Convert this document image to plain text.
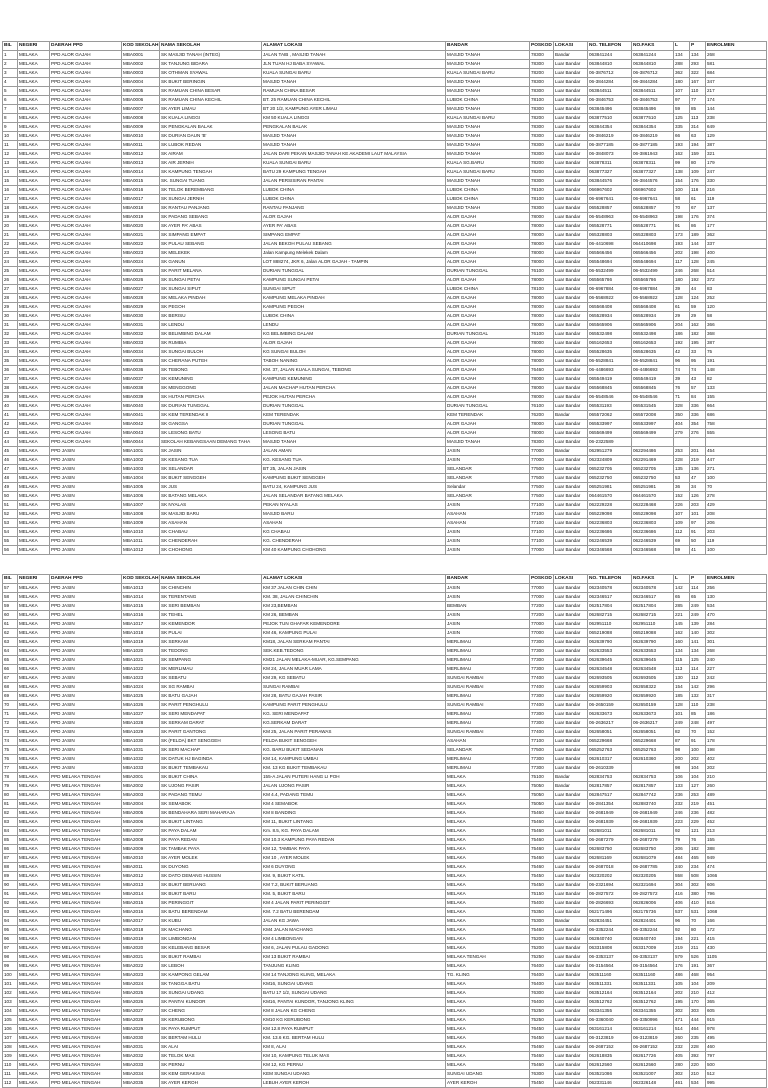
BIL	NEGERI	DAERAH PPD	KOD SEKOLAH	NAMA SEKOLAH	ALAMAT LOKASI	BANDAR	POSKOD	LOKASI	NO. TELEFON	NO.FAKS	L	P	ENROLMEN
1	MELAKA	PPD ALOR GAJAH	MBA0001	SK MASJID TANAH (INTEG)	JALAN TAIB , MASJID TANAH	MASJID TANAH	78300	Bandar	063841244	063841244	134	134	268
2	MELAKA	PPD ALOR GAJAH	MBA0002	SK TANJUNG BIDARA	JLN TUAN HJ BABA SYAWAL	MASJID TANAH	78300	Luar Bandar	063844810	063844810	288	293	581
3	MELAKA	PPD ALOR GAJAH	MBA0003	SK OTHMAN SYAWAL	KUALA SUNGAI BARU	KUALA SUNGAI BARU	78200	Luar Bandar	06-3876712	06-3876712	362	322	684
4	MELAKA	PPD ALOR GAJAH	MBA0004	SK BUKIT BERINGIN	MASJID TANAH	MASJID TANAH	78300	Luar Bandar	06-3844284	06-3844284	180	167	347
5	MELAKA	PPD ALOR GAJAH	MBA0005	SK RAMUAN CHINA BESAR	RAMUAN CHINA BESAR	MASJID TANAH	78300	Luar Bandar	063844511	063844511	107	110	217
6	MELAKA	PPD ALOR GAJAH	MBA0006	SK RAMUAN CHINA KECHIL	BT. 25 RAMUAN CHINA KECHIL	LUBOK CHINA	78100	Luar Bandar	06-3846753	06-3846753	97	77	174
7	MELAKA	PPD ALOR GAJAH	MBA0007	SK AYER LIMAU	BT 20 1/2, KAMPUNG AYER LIMAU	MASJID TANAH	78300	Luar Bandar	063845496	063845496	59	85	144
8	MELAKA	PPD ALOR GAJAH	MBA0008	SK KUALA LINGGI	KM 50 KUALA LINGGI	KUALA SUNGAI BARU	78200	Luar Bandar	063877510	063877510	125	113	238
9	MELAKA	PPD ALOR GAJAH	MBA0009	SK PENGKALAN BALAK	PENGKALAN BALAK	MASJID TANAH	78300	Luar Bandar	063844354	063844354	335	314	649
10	MELAKA	PPD ALOR GAJAH	MBA0010	SK DURIAN DAUN 'B'	MASJID TANAH	MASJID TANAH	78300	Luar Bandar	06-3846219	06-3846219	66	63	129
11	MELAKA	PPD ALOR GAJAH	MBA0011	SK LUBOK REDAN	MASJID TANAH	MASJID TANAH	78300	Luar Bandar	06-3877185	06-3877185	193	194	387
12	MELAKA	PPD ALOR GAJAH	MBA0012	SK AIRAM	JALAN DARI PEKAN MASJID TANAH KE AKADEMI LAUT MALAYSIA	MASJID TANAH	78300	Luar Bandar	06-3848073	06-3861943	162	159	321
13	MELAKA	PPD ALOR GAJAH	MBA0013	SK AIR JERNIH	KUALA SUNGAI BARU	KUALA SG.BARU	78200	Luar Bandar	063878311	063878311	99	80	179
14	MELAKA	PPD ALOR GAJAH	MBA0014	SK KAMPUNG TENGAH	BATU 29 KAMPUNG TENGAH	KUALA SUNGAI BARU	78200	Luar Bandar	063877327	063877327	138	109	247
15	MELAKA	PPD ALOR GAJAH	MBA0015	SK. SUNGAI TUANG	JALAN PERSISIRAN PANTAI	MASJID TANAH	78300	Luar Bandar	063844576	06-3844576	154	176	330
16	MELAKA	PPD ALOR GAJAH	MBA0016	SK TELOK BEREMBANG	LUBOK CHINA	LUBOK CHINA	78100	Luar Bandar	066967602	066967602	100	116	216
17	MELAKA	PPD ALOR GAJAH	MBA0017	SK SUNGAI JERNIH	LUBOK CHINA	LUBOK CHINA	78100	Luar Bandar	06-6967641	06-6967641	58	61	119
18	MELAKA	PPD ALOR GAJAH	MBA0018	SK RANTAU PANJANG	RANTAU PANJANG	MASJID TANAH	78300	Luar Bandar	065528857	065528857	70	67	137
19	MELAKA	PPD ALOR GAJAH	MBA0019	SK PADANG SEBANG	ALOR GAJAH	ALOR GAJAH	78000	Luar Bandar	06-5548963	06-5548963	198	176	374
20	MELAKA	PPD ALOR GAJAH	MBA0020	SK AYER PA' ABAS	AYER PA' ABAS	ALOR GAJAH	78000	Luar Bandar	065528771	065528771	91	86	177
21	MELAKA	PPD ALOR GAJAH	MBA0021	SK SIMPANG EMPAT	SIMPANG EMPAT	ALOR GAJAH	78000	Luar Bandar	065328803	065328803	173	189	362
22	MELAKA	PPD ALOR GAJAH	MBA0022	SK PULAU SEBANG	JALAN BEKOH PULAU SEBANG	ALOR GAJAH	78000	Luar Bandar	06-4410698	064410698	193	144	337
23	MELAKA	PPD ALOR GAJAH	MBA0023	SK MELEKEK	Jalan Kampung Melekek Dalam	ALOR GAJAH	78000	Luar Bandar	065566456	065566456	202	198	400
24	MELAKA	PPD ALOR GAJAH	MBA0024	SK GANUN	LOT 888274, JKR 6, Jalan ALOR GAJAH - TAMPIN	ALOR GAJAH	78000	Luar Bandar	065548694	065548694	117	128	245
25	MELAKA	PPD ALOR GAJAH	MBA0025	SK PARIT MELANA	DURIAN TUNGGAL	DURIAN TUNGGAL	76100	Luar Bandar	06-5532499	06-5532499	246	268	514
26	MELAKA	PPD ALOR GAJAH	MBA0026	SK SUNGAI PETAI	KAMPUNG SUNGAI PETAI	ALOR GAJAH	78000	Luar Bandar	065565786	065565786	180	192	372
27	MELAKA	PPD ALOR GAJAH	MBA0027	SK SUNGAI SIPUT	SUNGAI SIPUT	LUBOK CHINA	78100	Luar Bandar	06-6967884	06-6967884	39	44	83
28	MELAKA	PPD ALOR GAJAH	MBA0028	SK MELAKA PINDAH	KAMPUNG MELAKA PINDAH	ALOR GAJAH	78000	Luar Bandar	06-5568922	06-5568922	128	124	252
29	MELAKA	PPD ALOR GAJAH	MBA0029	SK PEGOH	KAMPUNG PEGOH	ALOR GAJAH	78000	Luar Bandar	065568408	065568408	61	59	120
30	MELAKA	PPD ALOR GAJAH	MBA0030	SK BERISU	LUBOK CHINA	ALOR GAJAH	78000	Luar Bandar	065528934	065528934	29	29	58
31	MELAKA	PPD ALOR GAJAH	MBA0031	SK LENDU	LENDU	ALOR GAJAH	78000	Luar Bandar	065565906	065565906	204	162	366
32	MELAKA	PPD ALOR GAJAH	MBA0032	SK BELIMBING DALAM	KG BELIMBING DALAM	DURIAN TUNGGAL	76100	Luar Bandar	065532498	065532498	186	182	368
33	MELAKA	PPD ALOR GAJAH	MBA0033	SK RUMBIA	ALOR GAJAH	ALOR GAJAH	78000	Luar Bandar	065162653	065162653	192	195	387
34	MELAKA	PPD ALOR GAJAH	MBA0034	SK SUNGAI BULOH	KG SUNGAI BULOH	ALOR GAJAH	78000	Luar Bandar	065528635	065528635	42	33	75
35	MELAKA	PPD ALOR GAJAH	MBA0035	SK CHERANA PUTEH	TABOH NANING	ALOR GAJAH	78000	Luar Bandar	06-5528841	06-5528841	96	95	191
36	MELAKA	PPD ALOR GAJAH	MBA0036	SK TEBONG	KM. 37, JALAN KUALA SUNGAI, TEBONG	ALOR GAJAH	76460	Luar Bandar	06-4486693	06-4486693	74	74	148
37	MELAKA	PPD ALOR GAJAH	MBA0037	SK KEMUNING	KAMPUNG KEMUNING	ALOR GAJAH	78000	Luar Bandar	065549419	065549419	39	43	82
38	MELAKA	PPD ALOR GAJAH	MBA0038	SK MENGGONG	JALAN MACHAP HUTAN PERCHA	ALOR GAJAH	78000	Luar Bandar	065568845	065568845	76	57	133
39	MELAKA	PPD ALOR GAJAH	MBA0039	SK HUTAN PERCHA	PEJOK HUTAN PERCHA	ALOR GAJAH	78000	Luar Bandar	06-5548546	06-5548546	71	84	155
40	MELAKA	PPD ALOR GAJAH	MBA0040	SK DURIAN TUNGGAL	DURIAN TUNGGAL	DURIAN TUNGGAL	76100	Luar Bandar	065531193	065531545	328	336	664
41	MELAKA	PPD ALOR GAJAH	MBA0041	SK KEM TERENDAK II	KEM TERENDAK	KEM TERENDAK	76200	Bandar	065572062	065572008	350	336	686
42	MELAKA	PPD ALOR GAJAH	MBA0042	SK GANGSA	DURIAN TUNGGAL	ALOR GAJAH	78000	Luar Bandar	065533997	065533997	404	354	758
43	MELAKA	PPD ALOR GAJAH	MBA0043	SK LESONG BATU	LESONG BATU	ALOR GAJAH	78000	Luar Bandar	065569499	065569499	279	276	555
44	MELAKA	PPD ALOR GAJAH	MBA0044	SEKOLAH KEBANGSAAN DEMANG TAHA	MASJID TANAH	MASJID TANAH	78300	Luar Bandar	06-2322589				
45	MELAKA	PPD JASIN	MBA1001	SK JASIN	JALAN AMAN	JASIN	77000	Bandar	062951279	062294486	253	201	454
46	MELAKA	PPD JASIN	MBA1002	SK KESANG TUA	KG. KESANG TUA	JASIN	77000	Luar Bandar	062324809	062291469	228	219	447
47	MELAKA	PPD JASIN	MBA1003	SK SELANDAR	BT 25, JALAN JASIN	SELANDAR	77500	Luar Bandar	065232705	065232705	135	136	271
48	MELAKA	PPD JASIN	MBA1004	SK BUKIT SENGGEH	KAMPUNG BUKIT SENGGEH	SELANDAR	77500	Luar Bandar	065232750	065232750	53	47	100
49	MELAKA	PPD JASIN	MBA1005	SK JUS	BATU 24, KAMPUNG JUS	Selandar	77500	Luar Bandar	065251981	065251981	36	34	70
50	MELAKA	PPD JASIN	MBA1006	SK BATANG MELAKA	JALAN SELANDAR BATANG MELAKA	SELANDAR	77500	Luar Bandar	064461570	064461570	152	126	278
51	MELAKA	PPD JASIN	MBA1007	SK NYALAS	PEKAN NYALAS	JASIN	77100	Luar Bandar	062229228	062228468	226	203	429
52	MELAKA	PPD JASIN	MBA1008	SK MASJID BARU	MASJID BARU	ASAHAN	77100	Luar Bandar	065229098	065229098	107	101	208
53	MELAKA	PPD JASIN	MBA1009	SK ASAHAN	ASAHAN	ASAHAN	77100	Luar Bandar	062236803	062236803	109	97	206
54	MELAKA	PPD JASIN	MBA1010	SK CHABAU	KG CHABAU	JASIN	77100	Luar Bandar	062236686	062236686	112	91	203
55	MELAKA	PPD JASIN	MBA1011	SK CHENDERAH	KG. CHENDERAH	JASIN	77100	Luar Bandar	062246539	062246539	69	50	119
56	MELAKA	PPD JASIN	MBA1012	SK CHOHONG	KM 40 KAMPUNG CHOHONG	JASIN	77000	Luar Bandar	062346568	062346568	59	41	100
BIL	NEGERI	DAERAH PPD	KOD SEKOLAH	NAMA SEKOLAH	ALAMAT LOKASI	BANDAR	POSKOD	LOKASI	NO. TELEFON	NO.FAKS	L	P	ENROLMEN
57	MELAKA	PPD JASIN	MBA1013	SK CHINCHIN	KM 37 JALAN CHIN CHIN	JASIN	77000	Luar Bandar	062340578	062340578	142	114	256
58	MELAKA	PPD JASIN	MBA1014	SK TERENTANG	KM. 38, JALAN CHINCHIN	JASIN	77000	Luar Bandar	062346517	062346517	65	65	130
59	MELAKA	PPD JASIN	MBA1015	SK SERI BEMBAN	KM 23,BEMBAN	BEMBAN	77200	Luar Bandar	062517804	062517804	285	249	534
60	MELAKA	PPD JASIN	MBA1016	SK TEHEL	KM 26, BEMBAN	JASIN	77200	Luar Bandar	062682715	062682715	221	249	470
61	MELAKA	PPD JASIN	MBA1017	SK KEMENDOR	PEJOK TUN GHAFAR KEMENDORE	JASIN	77000	Luar Bandar	062951110	062951110	145	139	284
62	MELAKA	PPD JASIN	MBA1018	SK PULAI	KM 46, KAMPUNG PULAI	JASIN	77000	Luar Bandar	065219088	065219088	162	140	302
63	MELAKA	PPD JASIN	MBA1019	SK SERKAM	KM18, JALAN SERKAM PANTAI	MERLIMAU	77300	Luar Bandar	062639790	062639790	160	141	301
64	MELAKA	PPD JASIN	MBA1020	SK TEDONG	SEK.KEB.TEDONG	MERLIMAU	77300	Luar Bandar	062633553	062633553	134	134	268
65	MELAKA	PPD JASIN	MBA1021	SK SEMPANG	KM21 JALAN MELAKA-MUAR, KG.SEMPANG	MERLIMAU	77300	Luar Bandar	062639645	062639645	115	125	240
66	MELAKA	PPD JASIN	MBA1022	SK MERLIMAU	KM 24, JALAN MUAR LAMA	MERLIMAU	77300	Luar Bandar	062634548	062634548	113	114	227
67	MELAKA	PPD JASIN	MBA1023	SK SEBATU	KM 29, KG SEBATU	SUNGAI RAMBAI	77400	Luar Bandar	062693505	062693505	130	112	242
68	MELAKA	PPD JASIN	MBA1024	SK SG RAMBAI	SUNGAI RAMBAI	SUNGAI RAMBAI	77400	Luar Bandar	062659903	062658322	154	142	296
69	MELAKA	PPD JASIN	MBA1025	SK BATU GAJAH	KM 28, BATU GAJAH PASIR	MERLIMAU	77300	Luar Bandar	062659920	062659920	185	132	317
70	MELAKA	PPD JASIN	MBA1026	SK PARIT PENGHULU	KAMPUNG PARIT PENGHULU	SUNGAI RAMBAI	77400	Luar Bandar	06-2650159	062650159	128	110	238
71	MELAKA	PPD JASIN	MBA1027	SK SERI MENDAPAT	KG. SERI MENDAPAT	MERLIMAU	77300	Luar Bandar	062633673	062633673	101	85	186
72	MELAKA	PPD JASIN	MBA1028	SK SERKAM DARAT	KG.SERKAM DARAT	MERLIMAU	77300	Luar Bandar	06-2636217	06-2636217	249	248	497
73	MELAKA	PPD JASIN	MBA1029	SK PARIT GANTONG	KM 25, JALAN PARIT PERAWAS	SUNGAI RAMBAI	77400	Luar Bandar	062658051	062658051	82	70	152
74	MELAKA	PPD JASIN	MBA1030	SK (FELDA) BKT SENGGEH	FELDA BUKIT SENGGEH	ASAHAN	77100	Luar Bandar	065229668	065229668	87	91	178
75	MELAKA	PPD JASIN	MBA1031	SK SERI MACHAP	KG. BARU BUKIT SEDANAN	SELANDAR	77500	Luar Bandar	065252763	065252763	98	100	198
76	MELAKA	PPD JASIN	MBA1032	SK DATUK HJ BAGINDA	KM 14, KAMPUNG UMBAI	MERLIMAU	77300	Luar Bandar	062610317	062610360	200	202	402
77	MELAKA	PPD JASIN	MBA1033	SK BUKIT TEMBAKAU	KM. 13 KG BUKIT TEMBAKAU	MERLIMAU	77300	Luar Bandar	06-2610339		98	104	202
78	MELAKA	PPD MELAKA TENGAH	MBA2001	SK BUKIT CHINA	155-A JALAN PUTERI HANG LI POH	MELAKA	75100	Bandar	062834753	062834753	106	104	210
79	MELAKA	PPD MELAKA TENGAH	MBA2002	SK UJONG PASIR	JALAN UJONG PASIR	MELAKA	75050	Bandar	062817857	062817857	133	127	260
80	MELAKA	PPD MELAKA TENGAH	MBA2003	SK PADANG TEMU	KM 4.4, PADANG TEMU	MELAKA	75050	Luar Bandar	062847517	062847742	236	253	489
81	MELAKA	PPD MELAKA TENGAH	MBA2004	SK SEMABOK	KM 4 SEMABOK	MELAKA	75050	Luar Bandar	06-2841354	062883740	232	219	451
82	MELAKA	PPD MELAKA TENGAH	MBA2005	SK BENDAHARA SERI MAHARAJA	KM 8 BANDING	MELAKA	75460	Luar Bandar	06-2681949	06-2681949	246	236	482
83	MELAKA	PPD MELAKA TENGAH	MBA2006	SK BUKIT LINTANG	KM 11, BUKIT LINTANG	MELAKA	75460	Luar Bandar	06-2681939	06-2681939	223	229	452
84	MELAKA	PPD MELAKA TENGAH	MBA2007	SK PAYA DALAM	Km. 8.5, KG. PAYA DALAM	MELAKA	75460	Luar Bandar	062681011	062681011	92	121	213
85	MELAKA	PPD MELAKA TENGAH	MBA2008	SK PAYA REDAN	KM 10.3 KAMPUNG PAYA REDAN	MELAKA	75460	Luar Bandar	06-2687279	06-2687279	79	76	155
86	MELAKA	PPD MELAKA TENGAH	MBA2009	SK TAMBAK PAYA	KM 12, TAMBAK PAYA	MELAKA	75460	Luar Bandar	062683750	062683750	206	182	388
87	MELAKA	PPD MELAKA TENGAH	MBA2010	SK AYER MOLEK	KM 10 , AYER MOLEK	MELAKA	75460	Luar Bandar	062681169	062681079	484	465	949
88	MELAKA	PPD MELAKA TENGAH	MBA2011	SK DUYONG	KM 6 DUYONG	MELAKA	75460	Luar Bandar	06-2687018	06-2687785	240	234	474
89	MELAKA	PPD MELAKA TENGAH	MBA2012	SK DATO DEMANG HUSSIN	KM. 9, BUKIT KATIL	MELAKA	75450	Luar Bandar	062320202	062320205	558	508	1066
90	MELAKA	PPD MELAKA TENGAH	MBA2013	SK BUKIT BERUANG	KM 7.2, BUKIT BERUANG	MELAKA	75450	Luar Bandar	06-2321694	062321694	304	302	606
91	MELAKA	PPD MELAKA TENGAH	MBA2014	SK BUKIT BARU	KM. 5, BUKIT BARU	MELAKA	75150	Luar Bandar	06-2827572	06-2827572	416	380	796
92	MELAKA	PPD MELAKA TENGAH	MBA2015	SK PERINGGIT	KM 4 JALAN PARIT PERINGGIT	MELAKA	75400	Luar Bandar	06-2826693	062826006	406	410	816
93	MELAKA	PPD MELAKA TENGAH	MBA2016	SK BATU BERENDAM	KM. 7.2 BATU BERENDAM	MELAKA	75350	Luar Bandar	062171496	062175736	537	531	1068
94	MELAKA	PPD MELAKA TENGAH	MBA2017	SK KUBU	JALAN KG JAWA	MELAKA	75300	Bandar	062834451	062824401	96	70	166
95	MELAKA	PPD MELAKA TENGAH	MBA2018	SK MACHANG	KM4 JALAN MACHANG	MELAKA	75460	Luar Bandar	06-3352244	06-3352244	92	80	172
96	MELAKA	PPD MELAKA TENGAH	MBA2019	SK LIMBONGAN	KM 4 LIMBONGAN	MELAKA	75200	Luar Bandar	062840740	062840740	194	221	415
97	MELAKA	PPD MELAKA TENGAH	MBA2020	SK KELEBANG BESAR	KM 6, JALAN PULAU GADONG	MELAKA	75200	Luar Bandar	063315808	063317009	219	211	430
98	MELAKA	PPD MELAKA TENGAH	MBA2021	SK BUKIT RAMBAI	KM 13 BUKIT RAMBAI	MELAKA TENGAH	75250	Luar Bandar	06-3353137	06-3353137	579	526	1105
99	MELAKA	PPD MELAKA TENGAH	MBA2022	SK LEBOH	TANJUNG KLING	MELAKA	76400	Luar Bandar	06-3154564	06-3154564	176	191	367
100	MELAKA	PPD MELAKA TENGAH	MBA2023	SK KAMPONG GELAM	KM 14 TANJONG KLING, MELAKA	TG. KLING	76400	Luar Bandar	063511160	063511160	486	468	954
101	MELAKA	PPD MELAKA TENGAH	MBA2024	SK TANGGA BATU	KM16, SUNGAI UDANG	MELAKA	76400	Luar Bandar	063511331	063511331	105	104	209
102	MELAKA	PPD MELAKA TENGAH	MBA2025	SK SUNGAI UDANG	BATU 17 1/2, SUNGAI UDANG	MELAKA	76300	Luar Bandar	063512164	063512164	202	210	412
103	MELAKA	PPD MELAKA TENGAH	MBA2026	SK PANTAI KUNDOR	KM16, PANTAI KUNDOR, TANJONG KLING	MELAKA	76400	Luar Bandar	063512762	063512762	195	170	365
104	MELAKA	PPD MELAKA TENGAH	MBA2027	SK CHENG	KM 8 JALAN KG CHENG	MELAKA	75250	Luar Bandar	063341355	063341355	302	303	605
105	MELAKA	PPD MELAKA TENGAH	MBA2028	SK KERUBONG	KM10 KG KERUBONG	MELAKA	75250	Luar Bandar	06-3360040	06-3350996	471	444	915
106	MELAKA	PPD MELAKA TENGAH	MBA2029	SK PAYA RUMPUT	KM 12.8 PAYA RUMPUT	MELAKA	76450	Luar Bandar	063161214	063161214	514	464	978
107	MELAKA	PPD MELAKA TENGAH	MBA2030	SK BERTAM HULU	KM. 13.6 KG. BERTAM HULU	MELAKA	76450	Luar Bandar	06-3123819	06-3123819	260	235	495
108	MELAKA	PPD MELAKA TENGAH	MBA2031	SK ALAI	KM 8, ALAI	MELAKA	75460	Luar Bandar	06-2687152	06-2687152	232	228	460
109	MELAKA	PPD MELAKA TENGAH	MBA2032	SK TELOK MAS	KM 10, KAMPUNG TELUK MAS	MELAKA	75460	Luar Bandar	062618835	062617726	405	392	797
110	MELAKA	PPD MELAKA TENGAH	MBA2033	SK PERNU	KM 12, KG PERNU	MELAKA	75460	Luar Bandar	062612560	062612560	280	220	500
111	MELAKA	PPD MELAKA TENGAH	MBA2034	SK KEM GERAKSAS	KEM SUNGAI UDANG	SUNGAI UDANG	76300	Luar Bandar	063521086	063521007	302	210	512
112	MELAKA	PPD MELAKA TENGAH	MBA2035	SK AYER KEROH	LEBUH AYER KEROH	AYER KEROH	75450	Luar Bandar	062331146	062326148	461	534	995
